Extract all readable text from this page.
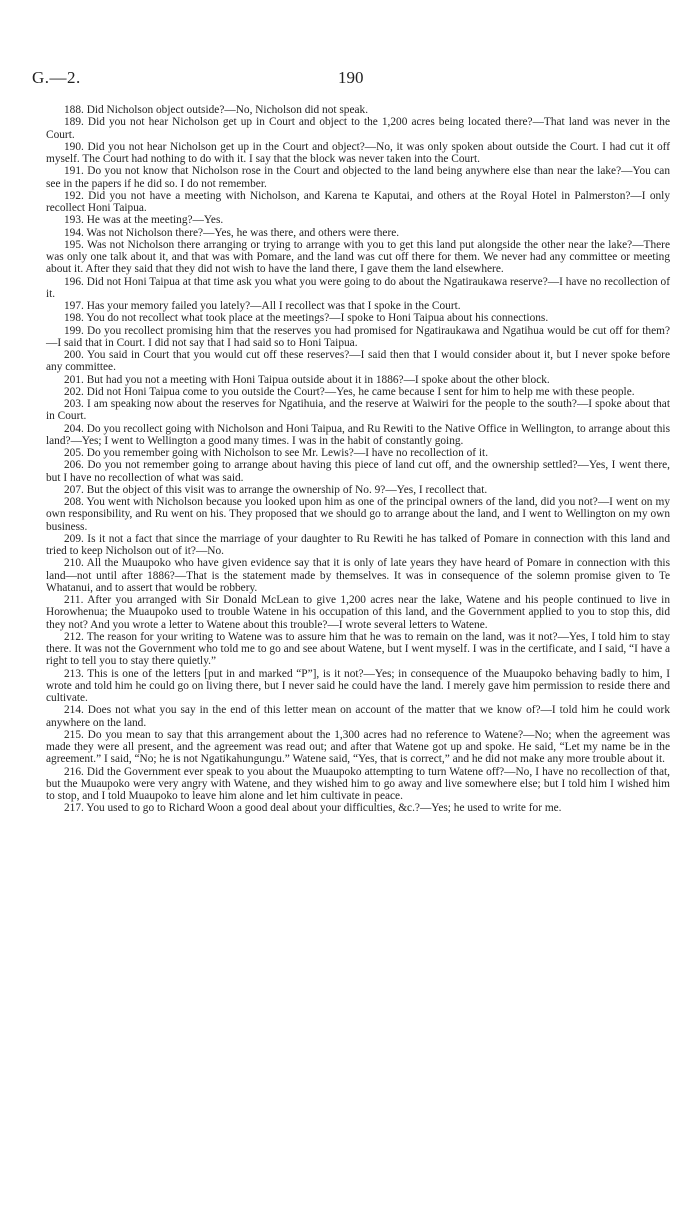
G.—2.	190

188. Did Nicholson object outside?—No, Nicholson did not speak.

189. Did you not hear Nicholson get up in Court and object to the 1,200 acres being located there?—That land was never in the Court.

190. Did you not hear Nicholson get up in the Court and object?—No, it was only spoken about outside the Court. I had cut it off myself. The Court had nothing to do with it. I say that the block was never taken into the Court.

191. Do you not know that Nicholson rose in the Court and objected to the land being anywhere else than near the lake?—You can see in the papers if he did so. I do not remember.

192. Did you not have a meeting with Nicholson, and Karena te Kaputai, and others at the Royal Hotel in Palmerston?—I only recollect Honi Taipua.

193. He was at the meeting?—Yes.

194. Was not Nicholson there?—Yes, he was there, and others were there.

195. Was not Nicholson there arranging or trying to arrange with you to get this land put alongside the other near the lake?—There was only one talk about it, and that was with Pomare, and the land was cut off there for them. We never had any committee or meeting about it. After they said that they did not wish to have the land there, I gave them the land elsewhere.

196. Did not Honi Taipua at that time ask you what you were going to do about the Ngatiraukawa reserve?—I have no recollection of it.

197. Has your memory failed you lately?—All I recollect was that I spoke in the Court.

198. You do not recollect what took place at the meetings?—I spoke to Honi Taipua about his connections.

199. Do you recollect promising him that the reserves you had promised for Ngatiraukawa and Ngatihua would be cut off for them?—I said that in Court. I did not say that I had said so to Honi Taipua.

200. You said in Court that you would cut off these reserves?—I said then that I would consider about it, but I never spoke before any committee.

201. But had you not a meeting with Honi Taipua outside about it in 1886?—I spoke about the other block.

202. Did not Honi Taipua come to you outside the Court?—Yes, he came because I sent for him to help me with these people.

203. I am speaking now about the reserves for Ngatihuia, and the reserve at Waiwiri for the people to the south?—I spoke about that in Court.

204. Do you recollect going with Nicholson and Honi Taipua, and Ru Rewiti to the Native Office in Wellington, to arrange about this land?—Yes; I went to Wellington a good many times. I was in the habit of constantly going.

205. Do you remember going with Nicholson to see Mr. Lewis?—I have no recollection of it.

206. Do you not remember going to arrange about having this piece of land cut off, and the ownership settled?—Yes, I went there, but I have no recollection of what was said.

207. But the object of this visit was to arrange the ownership of No. 9?—Yes, I recollect that.

208. You went with Nicholson because you looked upon him as one of the principal owners of the land, did you not?—I went on my own responsibility, and Ru went on his. They proposed that we should go to arrange about the land, and I went to Wellington on my own business.

209. Is it not a fact that since the marriage of your daughter to Ru Rewiti he has talked of Pomare in connection with this land and tried to keep Nicholson out of it?—No.

210. All the Muaupoko who have given evidence say that it is only of late years they have heard of Pomare in connection with this land—not until after 1886?—That is the statement made by themselves. It was in consequence of the solemn promise given to Te Whatanui, and to assert that would be robbery.

211. After you arranged with Sir Donald McLean to give 1,200 acres near the lake, Watene and his people continued to live in Horowhenua; the Muaupoko used to trouble Watene in his occupation of this land, and the Government applied to you to stop this, did they not? And you wrote a letter to Watene about this trouble?—I wrote several letters to Watene.

212. The reason for your writing to Watene was to assure him that he was to remain on the land, was it not?—Yes, I told him to stay there. It was not the Government who told me to go and see about Watene, but I went myself. I was in the certificate, and I said, “I have a right to tell you to stay there quietly.”

213. This is one of the letters [put in and marked “P”], is it not?—Yes; in consequence of the Muaupoko behaving badly to him, I wrote and told him he could go on living there, but I never said he could have the land. I merely gave him permission to reside there and cultivate.

214. Does not what you say in the end of this letter mean on account of the matter that we know of?—I told him he could work anywhere on the land.

215. Do you mean to say that this arrangement about the 1,300 acres had no reference to Watene?—No; when the agreement was made they were all present, and the agreement was read out; and after that Watene got up and spoke. He said, “Let my name be in the agreement.” I said, “No; he is not Ngatikahungungu.” Watene said, “Yes, that is correct,” and he did not make any more trouble about it.

216. Did the Government ever speak to you about the Muaupoko attempting to turn Watene off?—No, I have no recollection of that, but the Muaupoko were very angry with Watene, and they wished him to go away and live somewhere else; but I told him I wished him to stop, and I told Muaupoko to leave him alone and let him cultivate in peace.

217. You used to go to Richard Woon a good deal about your difficulties, &c.?—Yes; he used to write for me.
